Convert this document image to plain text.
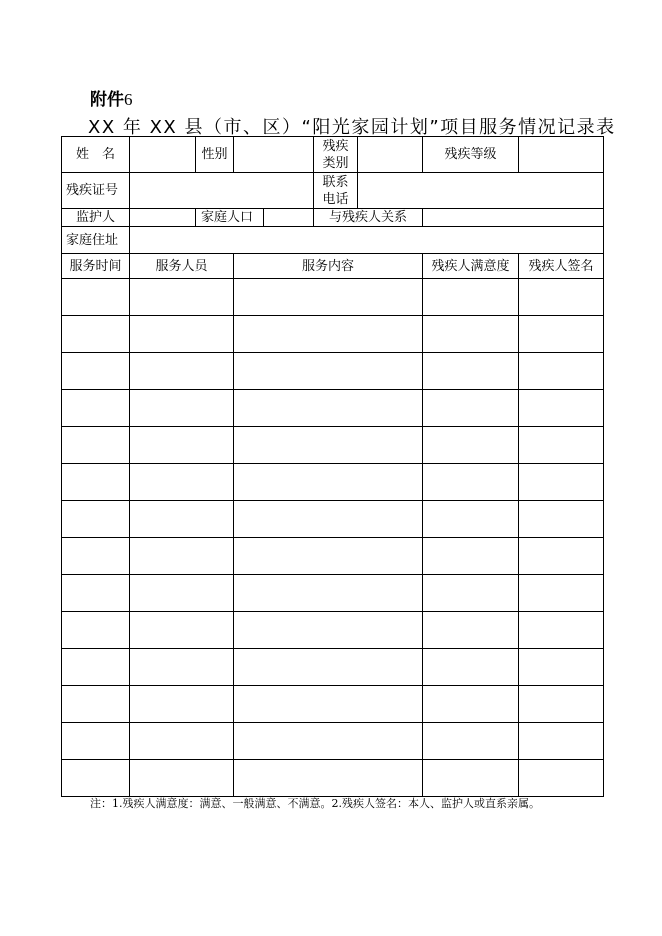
附件6
XX 年 XX 县（市、区）“阳光家园计划”项目服务情况记录表
姓　名		性别		残疾类别		残疾等级	
残疾证号				联系电话			
监护人		家庭人口		与残疾人关系			
家庭住址							
服务时间	服务人员		服务内容			残疾人满意度	残疾人签名

注：1.残疾人满意度：满意、一般满意、不满意。2.残疾人签名：本人、监护人或直系亲属。
